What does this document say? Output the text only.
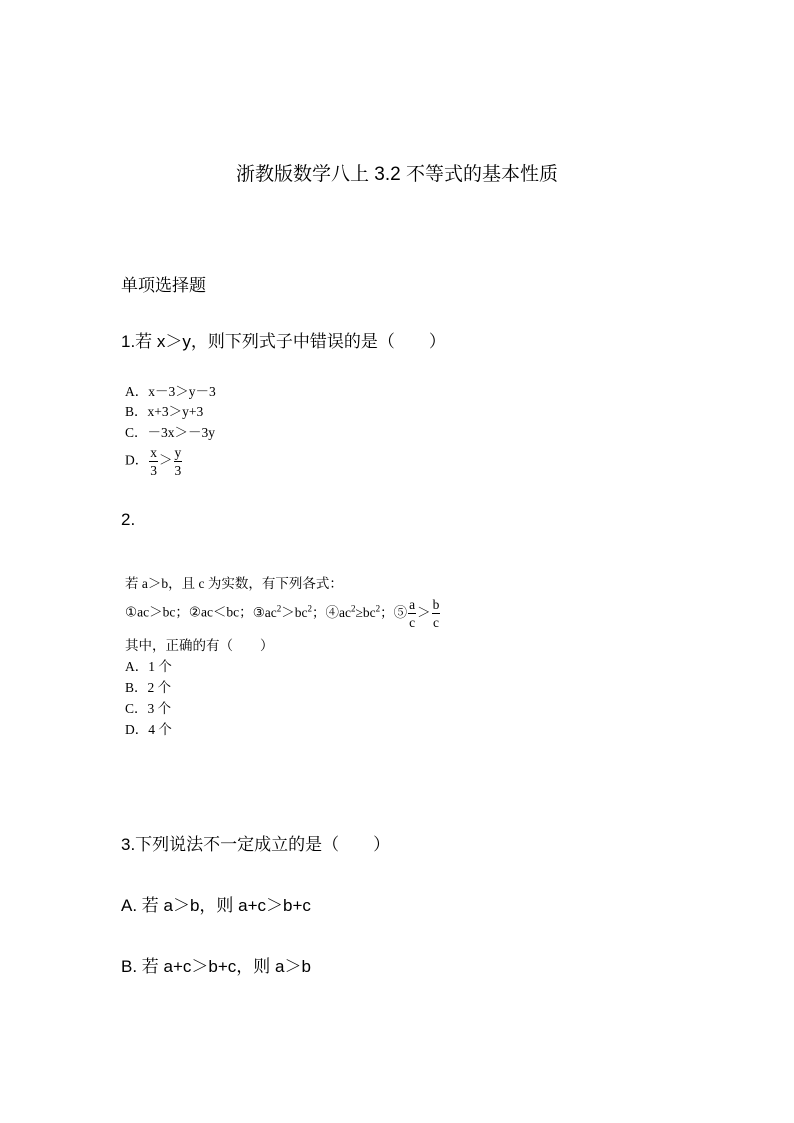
浙教版数学八上 3.2 不等式的基本性质
单项选择题
1.若 x＞y，则下列式子中错误的是（　　）
A．x－3＞y－3
B．x+3＞y+3
C．－3x＞－3y
D． $\frac{x}{3} > \frac{y}{3}$
2.
若 a＞b，且 c 为实数，有下列各式：
①ac＞bc；②ac＜bc；$③ac^2>bc^2$；$④ac^2\ge bc^2$；⑤ $\frac{a}{c} > \frac{b}{c}$
其中，正确的有（　　）
A．1 个
B．2 个
C．3 个
D．4 个
3.下列说法不一定成立的是（　　）
A. 若 a＞b，则 a+c＞b+c
B. 若 a+c＞b+c，则 a＞b
